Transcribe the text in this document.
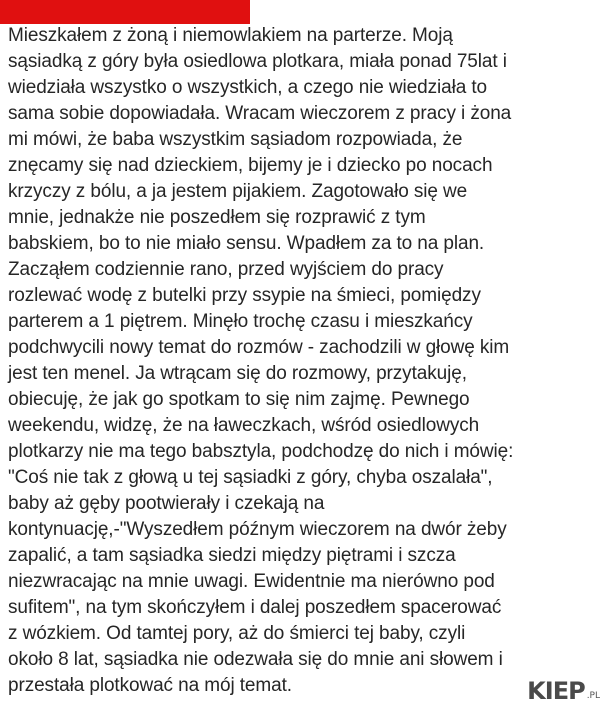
Mieszkałem z żoną i niemowlakiem na parterze. Moją
sąsiadką z góry była osiedlowa plotkara, miała ponad 75lat i
wiedziała wszystko o wszystkich, a czego nie wiedziała to
sama sobie dopowiadała. Wracam wieczorem z pracy i żona
mi mówi, że baba wszystkim sąsiadom rozpowiada, że
znęcamy się nad dzieckiem, bijemy je i dziecko po nocach
krzyczy z bólu, a ja jestem pijakiem. Zagotowało się we
mnie, jednakże nie poszedłem się rozprawić z tym
babskiem, bo to nie miało sensu. Wpadłem za to na plan.
Zacząłem codziennie rano, przed wyjściem do pracy
rozlewać wodę z butelki przy ssypie na śmieci, pomiędzy
parterem a 1 piętrem. Minęło trochę czasu i mieszkańcy
podchwycili nowy temat do rozmów - zachodzili w głowę kim
jest ten menel. Ja wtrącam się do rozmowy, przytakuję,
obiecuję, że jak go spotkam to się nim zajmę. Pewnego
weekendu, widzę, że na ławeczkach, wśród osiedlowych
plotkarzy nie ma tego babsztyla, podchodzę do nich i mówię:
"Coś nie tak z głową u tej sąsiadki z góry, chyba oszalała",
baby aż gęby pootwierały i czekają na
kontynuację,-"Wyszedłem późnym wieczorem na dwór żeby
zapalić, a tam sąsiadka siedzi między piętrami i szcza
niezwracając na mnie uwagi. Ewidentnie ma nierówno pod
sufitem", na tym skończyłem i dalej poszedłem spacerować
z wózkiem. Od tamtej pory, aż do śmierci tej baby, czyli
około 8 lat, sąsiadka nie odezwała się do mnie ani słowem i
przestała plotkować na mój temat.	KIEP .PL
